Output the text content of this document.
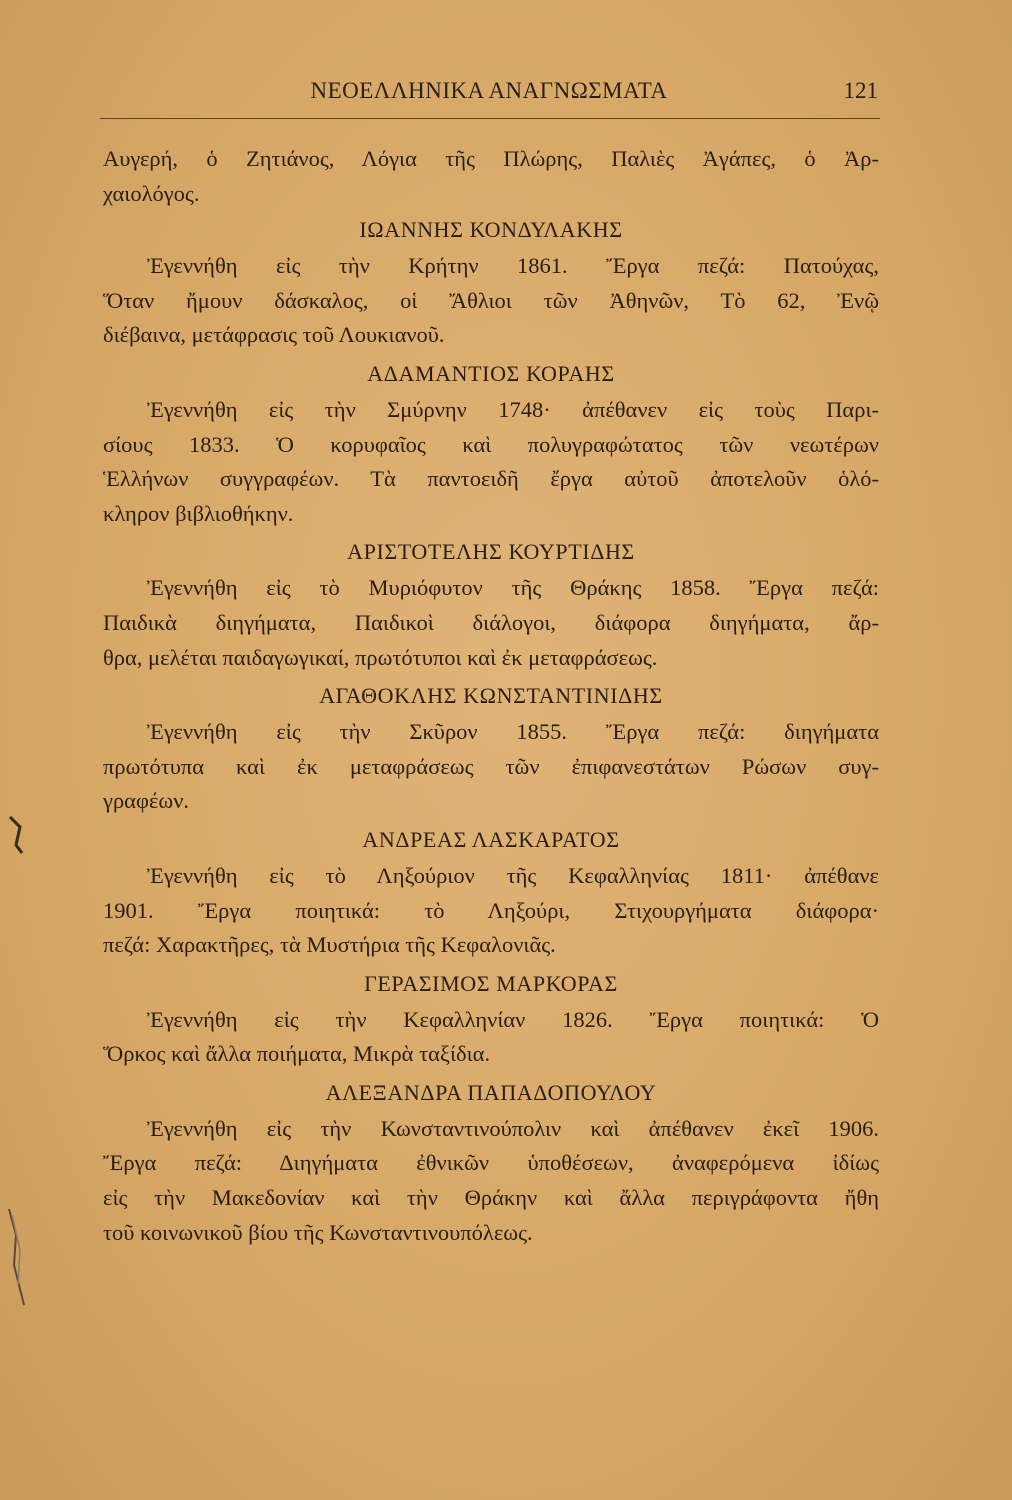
ΝΕΟΕΛΛΗΝΙΚΑ ΑΝΑΓΝΩΣΜΑΤΑ	121

Αυγερή, ὁ Ζητιάνος, Λόγια τῆς Πλώρης, Παλιὲς Ἀγάπες, ὁ Ἀρ-

χαιολόγος.

ΙΩΑΝΝΗΣ ΚΟΝΔΥΛΑΚΗΣ

Ἐγεννήθη εἰς τὴν Κρήτην 1861. Ἔργα πεζά: Πατούχας,

Ὅταν ἤμουν δάσκαλος, οἱ Ἄθλιοι τῶν Ἀθηνῶν, Τὸ 62, Ἐνῷ

διέβαινα, μετάφρασις τοῦ Λουκιανοῦ.

ΑΔΑΜΑΝΤΙΟΣ ΚΟΡΑΗΣ

Ἐγεννήθη εἰς τὴν Σμύρνην 1748· ἀπέθανεν εἰς τοὺς Παρι-

σίους 1833. Ὁ κορυφαῖος καὶ πολυγραφώτατος τῶν νεωτέρων

Ἑλλήνων συγγραφέων. Τὰ παντοειδῆ ἔργα αὐτοῦ ἀποτελοῦν ὁλό-

κληρον βιβλιοθήκην.

ΑΡΙΣΤΟΤΕΛΗΣ ΚΟΥΡΤΙΔΗΣ

Ἐγεννήθη εἰς τὸ Μυριόφυτον τῆς Θράκης 1858. Ἔργα πεζά:

Παιδικὰ διηγήματα, Παιδικοὶ διάλογοι, διάφορα διηγήματα, ἄρ-

θρα, μελέται παιδαγωγικαί, πρωτότυποι καὶ ἐκ μεταφράσεως.

ΑΓΑΘΟΚΛΗΣ ΚΩΝΣΤΑΝΤΙΝΙΔΗΣ

Ἐγεννήθη εἰς τὴν Σκῦρον 1855. Ἔργα πεζά: διηγήματα

πρωτότυπα καὶ ἐκ μεταφράσεως τῶν ἐπιφανεστάτων Ρώσων συγ-

γραφέων.

ΑΝΔΡΕΑΣ ΛΑΣΚΑΡΑΤΟΣ

Ἐγεννήθη εἰς τὸ Ληξούριον τῆς Κεφαλληνίας 1811· ἀπέθανε

1901. Ἔργα ποιητικά: τὸ Ληξούρι, Στιχουργήματα διάφορα·

πεζά: Χαρακτῆρες, τὰ Μυστήρια τῆς Κεφαλονιᾶς.

ΓΕΡΑΣΙΜΟΣ ΜΑΡΚΟΡΑΣ

Ἐγεννήθη εἰς τὴν Κεφαλληνίαν 1826. Ἔργα ποιητικά: Ὁ

Ὅρκος καὶ ἄλλα ποιήματα, Μικρὰ ταξίδια.

ΑΛΕΞΑΝΔΡΑ ΠΑΠΑΔΟΠΟΥΛΟΥ

Ἐγεννήθη εἰς τὴν Κωνσταντινούπολιν καὶ ἀπέθανεν ἐκεῖ 1906.

Ἔργα πεζά: Διηγήματα ἐθνικῶν ὑποθέσεων, ἀναφερόμενα ἰδίως

εἰς τὴν Μακεδονίαν καὶ τὴν Θράκην καὶ ἄλλα περιγράφοντα ἤθη

τοῦ κοινωνικοῦ βίου τῆς Κωνσταντινουπόλεως.
